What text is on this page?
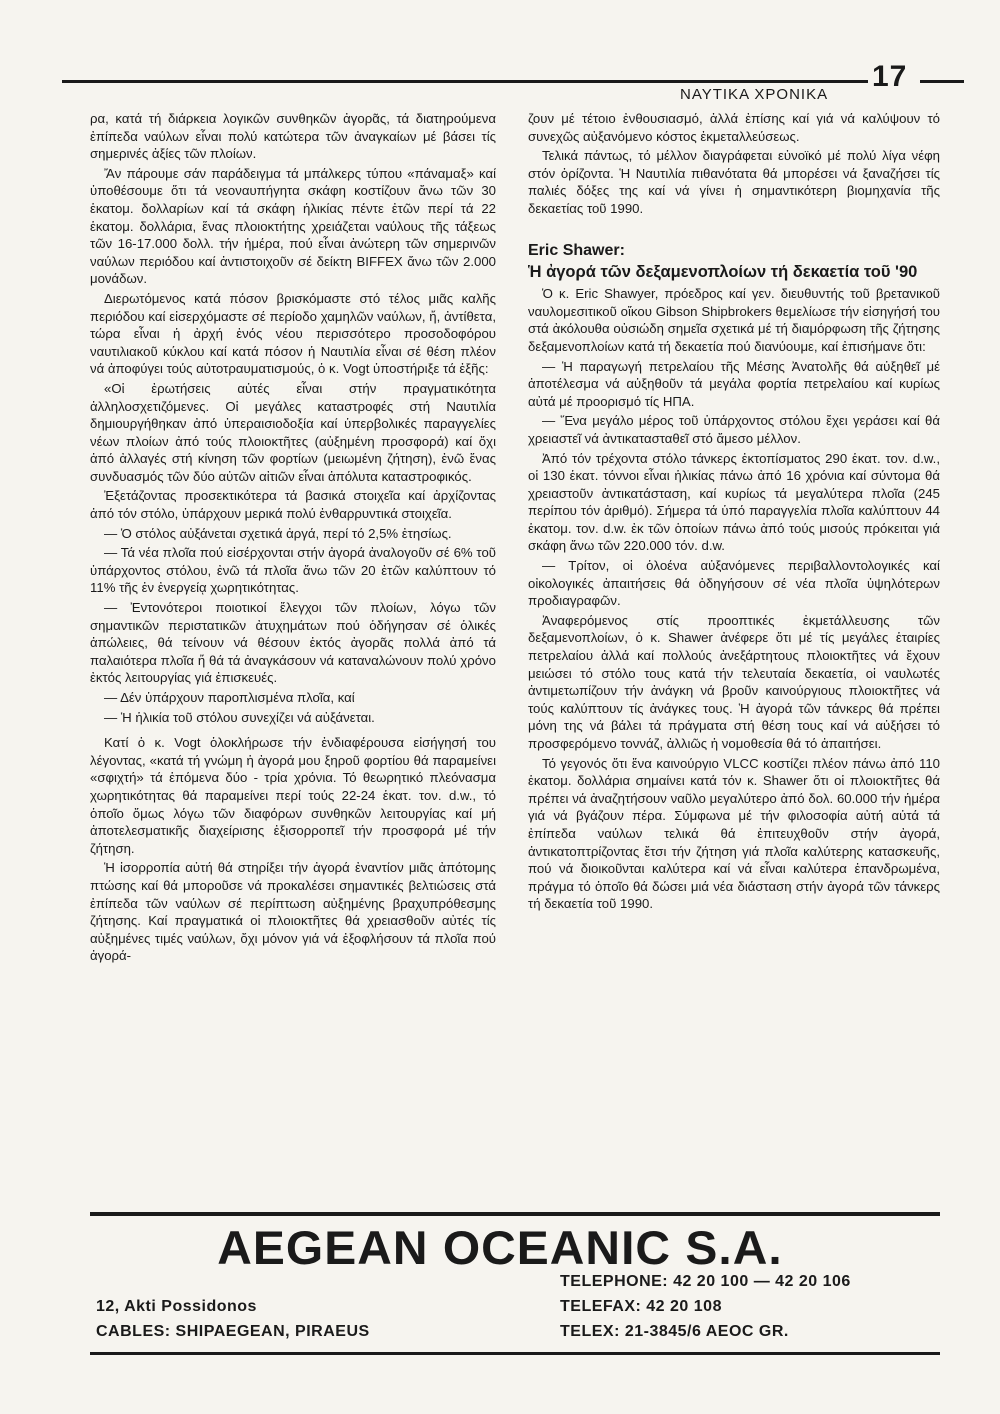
ΝΑΥΤΙΚΑ ΧΡΟΝΙΚΑ
17

ρα, κατά τή διάρκεια λογικῶν συνθηκῶν ἀγορᾶς, τά διατηρούμενα ἐπίπεδα ναύλων εἶναι πολύ κατώτερα τῶν ἀναγκαίων μέ βάσει τίς σημερινές ἀξίες τῶν πλοίων.

Ἄν πάρουμε σάν παράδειγμα τά μπάλκερς τύπου «πάναμαξ» καί ὑποθέσουμε ὅτι τά νεοναυπήγητα σκάφη κοστίζουν ἄνω τῶν 30 ἑκατομ. δολλαρίων καί τά σκάφη ἡλικίας πέντε ἐτῶν περί τά 22 ἑκατομ. δολλάρια, ἕνας πλοιοκτήτης χρειάζεται ναύλους τῆς τάξεως τῶν 16-17.000 δολλ. τήν ἡμέρα, πού εἶναι ἀνώτερη τῶν σημερινῶν ναύλων περιόδου καί ἀντιστοιχοῦν σέ δείκτη BIFFEX ἄνω τῶν 2.000 μονάδων.

Διερωτόμενος κατά πόσον βρισκόμαστε στό τέλος μιᾶς καλῆς περιόδου καί εἰσερχόμαστε σέ περίοδο χαμηλῶν ναύλων, ἤ, ἀντίθετα, τώρα εἶναι ἡ ἀρχή ἑνός νέου περισσότερο προσοδοφόρου ναυτιλιακοῦ κύκλου καί κατά πόσον ἡ Ναυτιλία εἶναι σέ θέση πλέον νά ἀποφύγει τούς αὐτοτραυματισμούς, ὁ κ. Vogt ὑποστήριξε τά ἑξῆς:

«Οἱ ἐρωτήσεις αὐτές εἶναι στήν πραγματικότητα ἀλληλοσχετιζόμενες. Οἱ μεγάλες καταστροφές στή Ναυτιλία δημιουργήθηκαν ἀπό ὑπεραισιοδοξία καί ὑπερβολικές παραγγελίες νέων πλοίων ἀπό τούς πλοιοκτῆτες (αὐξημένη προσφορά) καί ὄχι ἀπό ἀλλαγές στή κίνηση τῶν φορτίων (μειωμένη ζήτηση), ἐνῶ ἕνας συνδυασμός τῶν δύο αὐτῶν αἰτιῶν εἶναι ἀπόλυτα καταστροφικός.

Ἐξετάζοντας προσεκτικότερα τά βασικά στοιχεῖα καί ἀρχίζοντας ἀπό τόν στόλο, ὑπάρχουν μερικά πολύ ἐνθαρρυντικά στοιχεῖα.

— Ὁ στόλος αὐξάνεται σχετικά ἀργά, περί τό 2,5% ἐτησίως.

— Τά νέα πλοῖα πού εἰσέρχονται στήν ἀγορά ἀναλογοῦν σέ 6% τοῦ ὑπάρχοντος στόλου, ἐνῶ τά πλοῖα ἄνω τῶν 20 ἐτῶν καλύπτουν τό 11% τῆς ἐν ἐνεργείᾳ χωρητικότητας.

— Ἐντονότεροι ποιοτικοί ἔλεγχοι τῶν πλοίων, λόγω τῶν σημαντικῶν περιστατικῶν ἀτυχημάτων πού ὁδήγησαν σέ ὁλικές ἀπώλειες, θά τείνουν νά θέσουν ἐκτός ἀγορᾶς πολλά ἀπό τά παλαιότερα πλοῖα ἤ θά τά ἀναγκάσουν νά καταναλώνουν πολύ χρόνο ἐκτός λειτουργίας γιά ἐπισκευές.

— Δέν ὑπάρχουν παροπλισμένα πλοῖα, καί

— Ἡ ἡλικία τοῦ στόλου συνεχίζει νά αὐξάνεται.

Κατί ὁ κ. Vogt ὁλοκλήρωσε τήν ἐνδιαφέρουσα εἰσήγησή του λέγοντας, «κατά τή γνώμη ἡ ἀγορά μου ξηροῦ φορτίου θά παραμείνει «σφιχτή» τά ἑπόμενα δύο - τρία χρόνια. Τό θεωρητικό πλεόνασμα χωρητικότητας θά παραμείνει περί τούς 22-24 ἑκατ. τον. d.w., τό ὁποῖο ὅμως λόγω τῶν διαφόρων συνθηκῶν λειτουργίας καί μή ἀποτελεσματικῆς διαχείρισης ἐξισορροπεῖ τήν προσφορά μέ τήν ζήτηση.

Ἡ ἰσορροπία αὐτή θά στηρίξει τήν ἀγορά ἐναντίον μιᾶς ἀπότομης πτώσης καί θά μποροῦσε νά προκαλέσει σημαντικές βελτιώσεις στά ἐπίπεδα τῶν ναύλων σέ περίπτωση αὐξημένης βραχυπρόθεσμης ζήτησης. Καί πραγματικά οἱ πλοιοκτῆτες θά χρειασθοῦν αὐτές τίς αὐξημένες τιμές ναύλων, ὄχι μόνον γιά νά ἐξοφλήσουν τά πλοῖα πού ἀγορά-

ζουν μέ τέτοιο ἐνθουσιασμό, ἀλλά ἐπίσης καί γιά νά καλύψουν τό συνεχῶς αὐξανόμενο κόστος ἐκμεταλλεύσεως.

Τελικά πάντως, τό μέλλον διαγράφεται εὐνοϊκό μέ πολύ λίγα νέφη στόν ὁρίζοντα. Ἡ Ναυτιλία πιθανότατα θά μπορέσει νά ξαναζήσει τίς παλιές δόξες της καί νά γίνει ἡ σημαντικότερη βιομηχανία τῆς δεκαετίας τοῦ 1990.

Eric Shawer:

Ἡ ἀγορά τῶν δεξαμενοπλοίων τή δεκαετία τοῦ '90

Ὁ κ. Eric Shawyer, πρόεδρος καί γεν. διευθυντής τοῦ βρετανικοῦ ναυλομεσιτικοῦ οἴκου Gibson Shipbrokers θεμελίωσε τήν εἰσηγήσή του στά ἀκόλουθα οὐσιώδη σημεῖα σχετικά μέ τή διαμόρφωση τῆς ζήτησης δεξαμενοπλοίων κατά τή δεκαετία πού διανύουμε, καί ἐπισήμανε ὅτι:

— Ἡ παραγωγή πετρελαίου τῆς Μέσης Ἀνατολῆς θά αὐξηθεῖ μέ ἀποτέλεσμα νά αὐξηθοῦν τά μεγάλα φορτία πετρελαίου καί κυρίως αὐτά μέ προορισμό τίς ΗΠΑ.

— Ἕνα μεγάλο μέρος τοῦ ὑπάρχοντος στόλου ἔχει γεράσει καί θά χρειαστεῖ νά ἀντικατασταθεῖ στό ἄμεσο μέλλον.

Ἀπό τόν τρέχοντα στόλο τάνκερς ἐκτοπίσματος 290 ἑκατ. τον. d.w., οἱ 130 ἑκατ. τόννοι εἶναι ἡλικίας πάνω ἀπό 16 χρόνια καί σύντομα θά χρειαστοῦν ἀντικατάσταση, καί κυρίως τά μεγαλύτερα πλοῖα (245 περίπου τόν ἀριθμό). Σήμερα τά ὑπό παραγγελία πλοῖα καλύπτουν 44 ἑκατομ. τον. d.w. ἐκ τῶν ὁποίων πάνω ἀπό τούς μισούς πρόκειται γιά σκάφη ἄνω τῶν 220.000 τόν. d.w.

— Τρίτον, οἱ ὁλοένα αὐξανόμενες περιβαλλοντολογικές καί οἰκολογικές ἀπαιτήσεις θά ὁδηγήσουν σέ νέα πλοῖα ὑψηλότερων προδιαγραφῶν.

Ἀναφερόμενος στίς προοπτικές ἐκμετάλλευσης τῶν δεξαμενοπλοίων, ὁ κ. Shawer ἀνέφερε ὅτι μέ τίς μεγάλες ἑταιρίες πετρελαίου ἀλλά καί πολλούς ἀνεξάρτητους πλοιοκτῆτες νά ἔχουν μειώσει τό στόλο τους κατά τήν τελευταία δεκαετία, οἱ ναυλωτές ἀντιμετωπίζουν τήν ἀνάγκη νά βροῦν καινούργιους πλοιοκτῆτες νά τούς καλύπτουν τίς ἀνάγκες τους. Ἡ ἀγορά τῶν τάνκερς θά πρέπει μόνη της νά βάλει τά πράγματα στή θέση τους καί νά αὐξήσει τό προσφερόμενο τοννάζ, ἀλλιῶς ἡ νομοθεσία θά τό ἀπαιτήσει.

Τό γεγονός ὅτι ἕνα καινούργιο VLCC κοστίζει πλέον πάνω ἀπό 110 ἑκατομ. δολλάρια σημαίνει κατά τόν κ. Shawer ὅτι οἱ πλοιοκτῆτες θά πρέπει νά ἀναζητήσουν ναῦλο μεγαλύτερο ἀπό δολ. 60.000 τήν ἡμέρα γιά νά βγάζουν πέρα. Σύμφωνα μέ τήν φιλοσοφία αὐτή αὐτά τά ἐπίπεδα ναύλων τελικά θά ἐπιτευχθοῦν στήν ἀγορά, ἀντικατοπτρίζοντας ἔτσι τήν ζήτηση γιά πλοῖα καλύτερης κατασκευῆς, πού νά διοικοῦνται καλύτερα καί νά εἶναι καλύτερα ἐπανδρωμένα, πράγμα τό ὁποῖο θά δώσει μιά νέα διάσταση στήν ἀγορά τῶν τάνκερς τή δεκαετία τοῦ 1990.

AEGEAN OCEANIC S.A.
TELEPHONE: 42 20 100 — 42 20 106
12, Akti Possidonos	TELEFAX: 42 20 108
CABLES: SHIPAEGEAN, PIRAEUS	TELEX: 21-3845/6 AEOC GR.
